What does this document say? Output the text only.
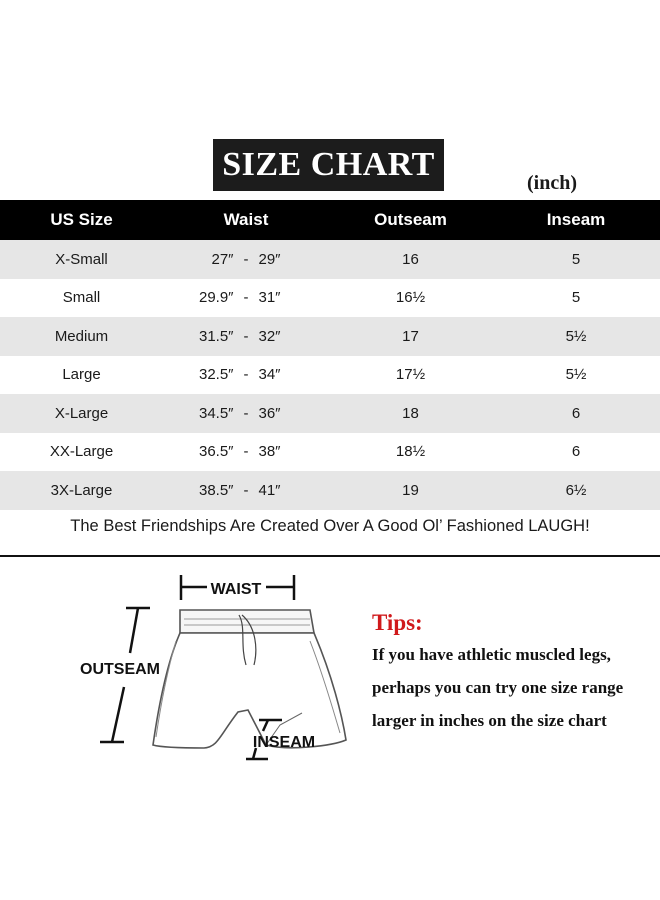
SIZE CHART	(inch)
US Size	Waist	Outseam	Inseam
X-Small	27″ - 29″	16	5
Small	29.9″ - 31″	16½	5
Medium	31.5″ - 32″	17	5½
Large	32.5″ - 34″	17½	5½
X-Large	34.5″ - 36″	18	6
XX-Large	36.5″ - 38″	18½	6
3X-Large	38.5″ - 41″	19	6½
The Best Friendships Are Created Over A Good Ol’ Fashioned LAUGH!
WAIST
OUTSEAM
INSEAM
Tips:
If you have athletic muscled legs,
perhaps you can try one size range
larger in inches on the size chart
